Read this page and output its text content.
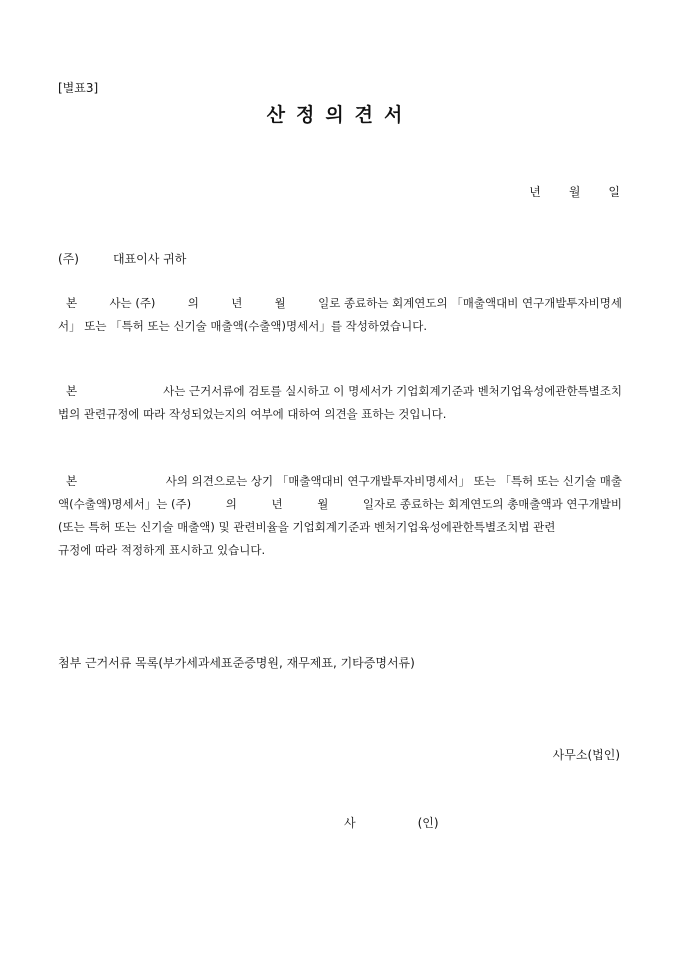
[별표3]
산정의견서
년 월 일
(주)	대표이사 귀하
본	사는 (주)	의	년	월	일로 종료하는 회계연도의 「매출액대비 연구개발투자비명세
서」 또는 「특허 또는 신기술 매출액(수출액)명세서」를 작성하였습니다.
본	사는 근거서류에 검토를 실시하고 이 명세서가 기업회계기준과 벤처기업육성에관한특별조치
법의 관련규정에 따라 작성되었는지의 여부에 대하여 의견을 표하는 것입니다.
본	사의 의견으로는 상기 「매출액대비 연구개발투자비명세서」 또는 「특허 또는 신기술 매출
액(수출액)명세서」는 (주)	의	년	월	일자로 종료하는 회계연도의 총매출액과 연구개발비
(또는 특허 또는 신기술 매출액) 및 관련비율을 기업회계기준과 벤처기업육성에관한특별조치법 관련
규정에 따라 적정하게 표시하고 있습니다.
첨부 근거서류 목록(부가세과세표준증명원, 재무제표, 기타증명서류)
사무소(법인)
사	(인)
